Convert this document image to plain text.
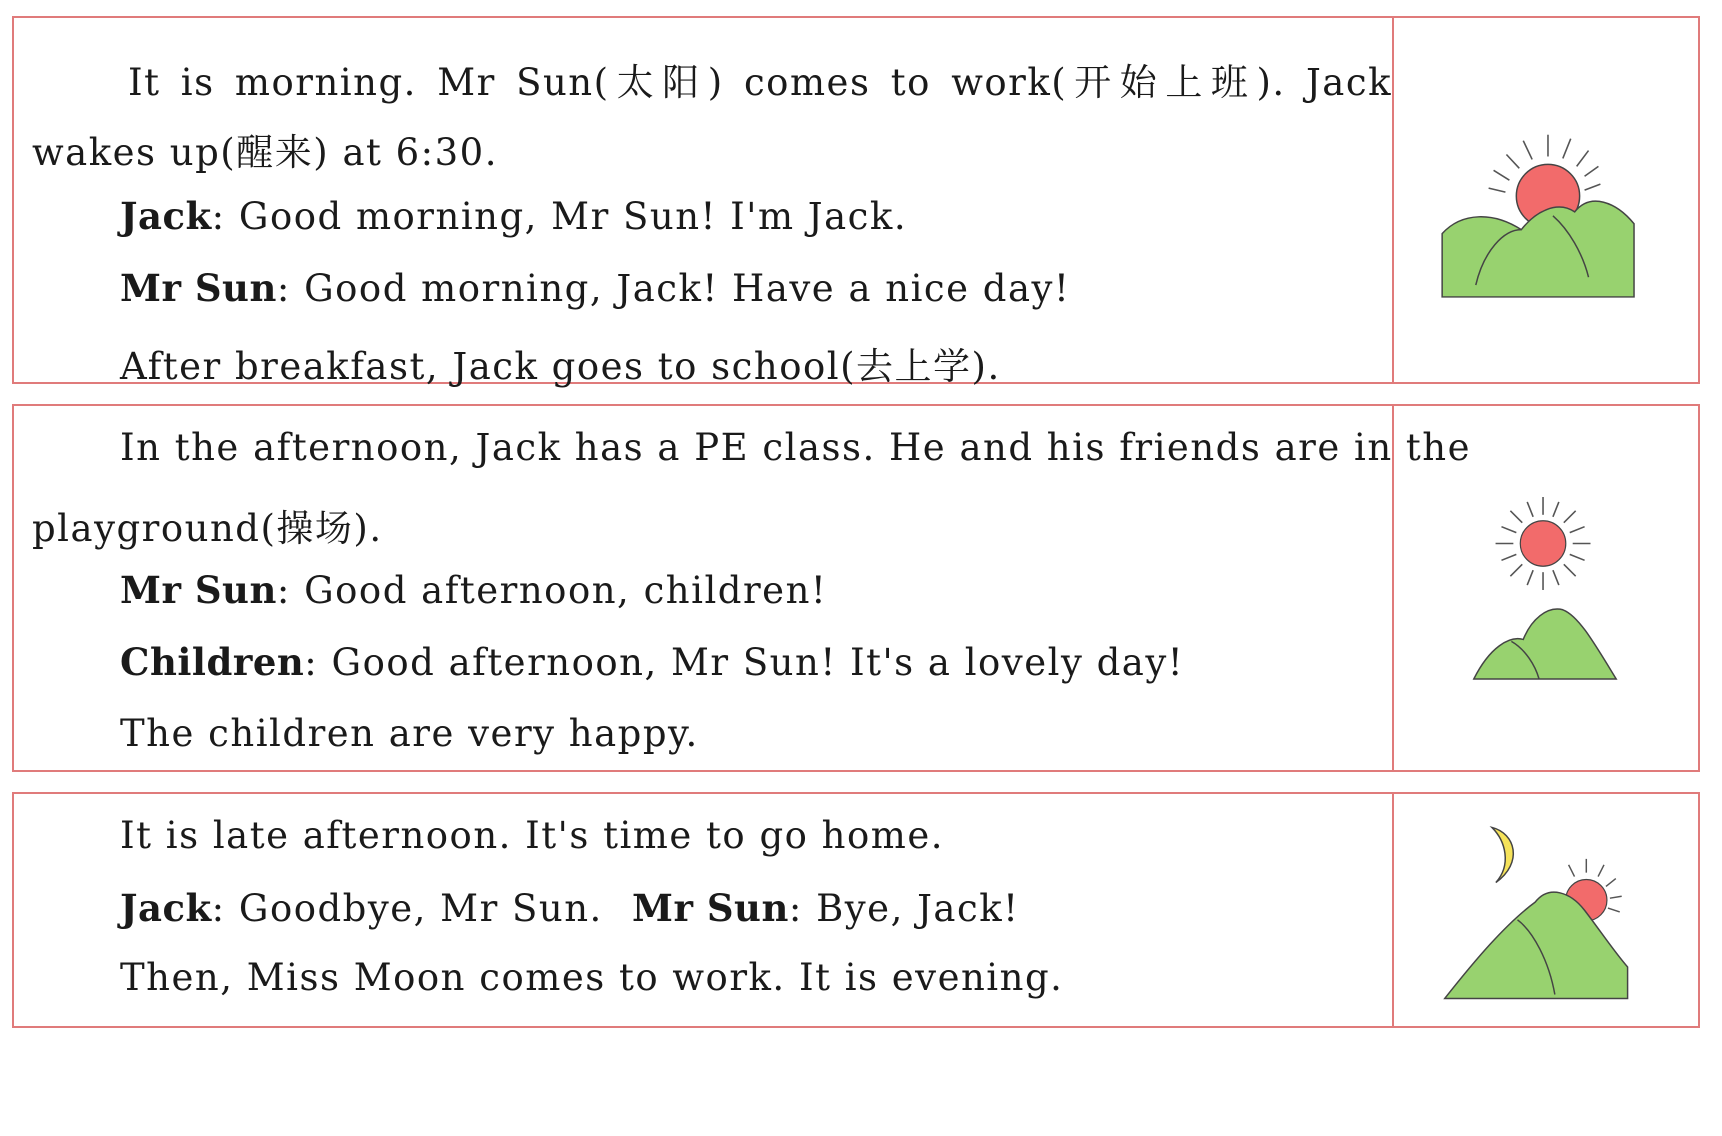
It is morning. Mr Sun(太阳) comes to work(开始上班). Jack
wakes up(醒来) at 6:30.
Jack: Good morning, Mr Sun! I'm Jack.
Mr Sun: Good morning, Jack! Have a nice day!
After breakfast, Jack goes to school(去上学).
In the afternoon, Jack has a PE class. He and his friends are in the
playground(操场).
Mr Sun: Good afternoon, children!
Children: Good afternoon, Mr Sun! It's a lovely day!
The children are very happy.
It is late afternoon. It's time to go home.
Jack: Goodbye, Mr Sun. Mr Sun: Bye, Jack!
Then, Miss Moon comes to work. It is evening.
